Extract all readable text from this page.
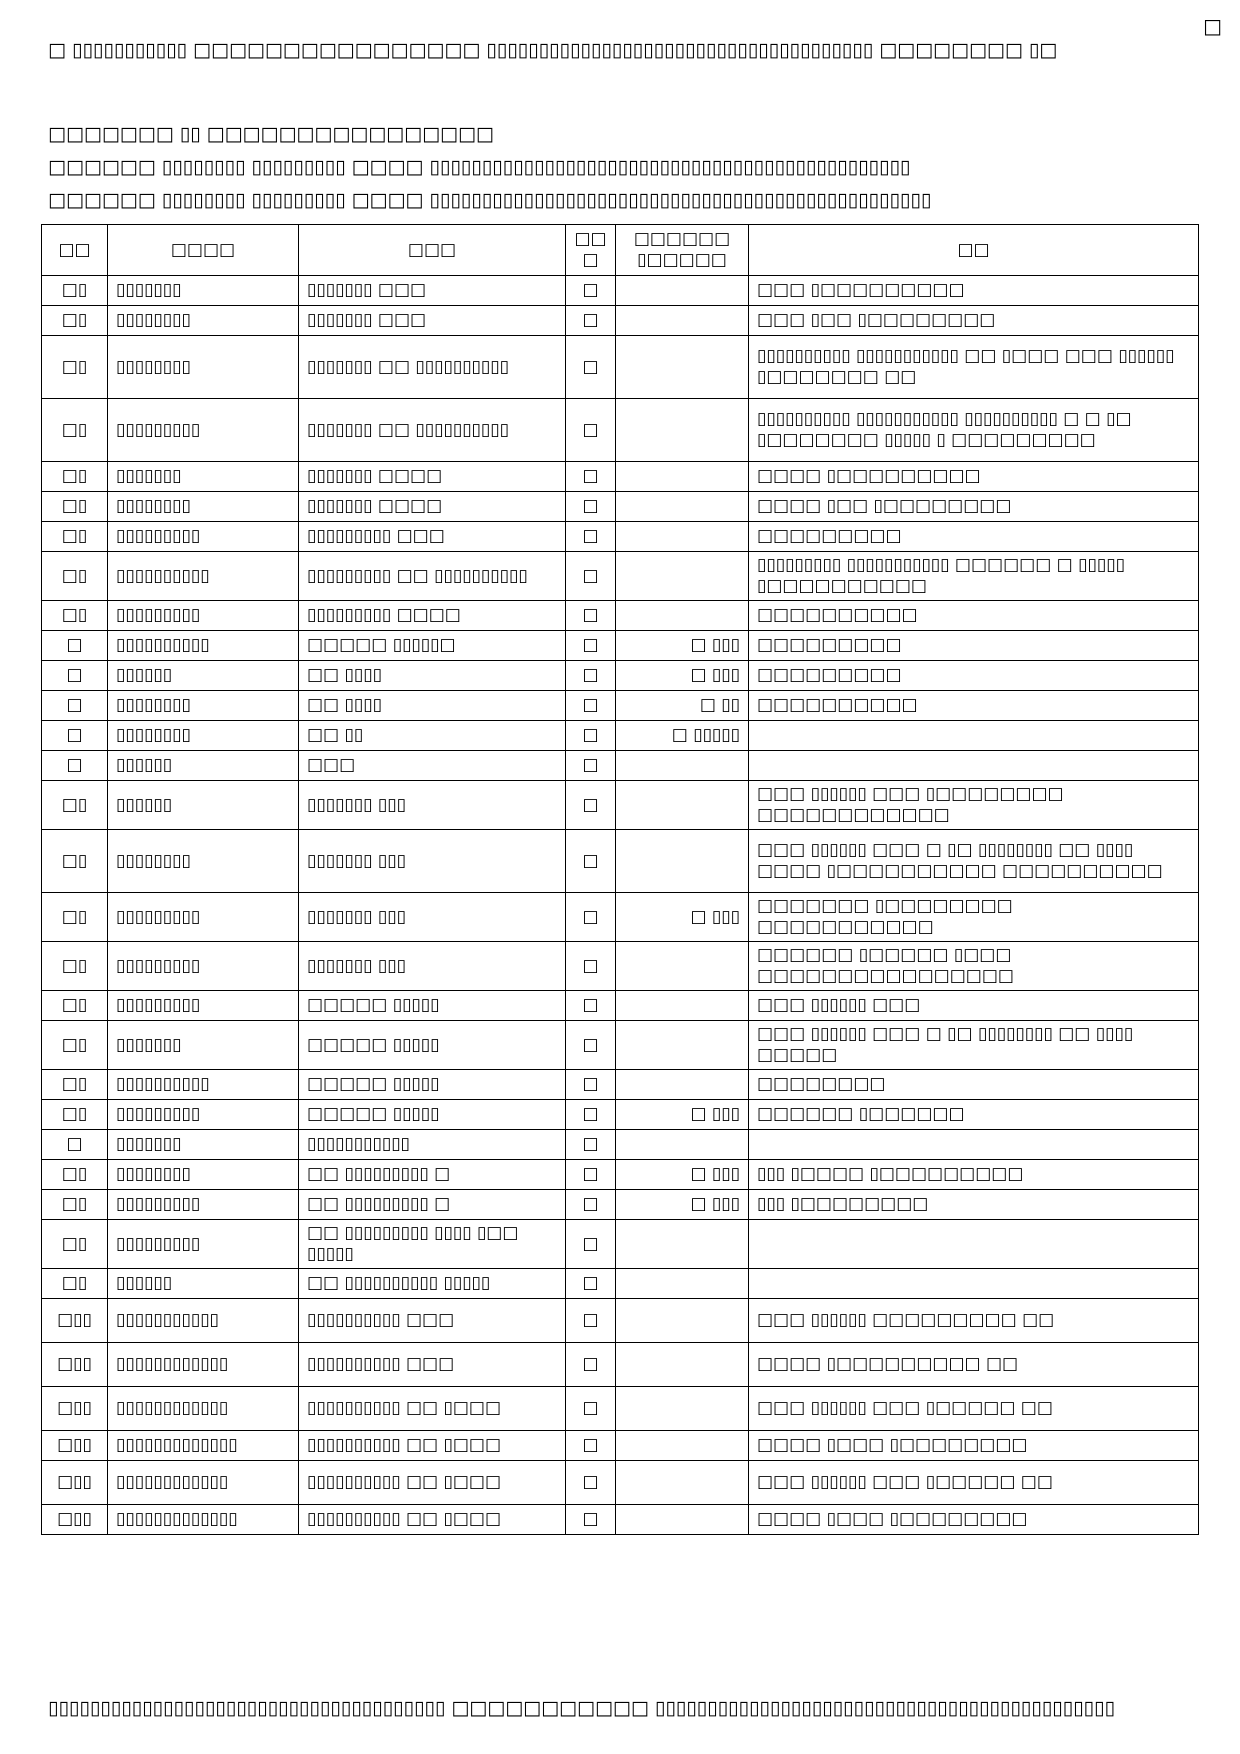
□
□ ▯▯▯▯▯▯▯▯▯▯▯ □□□□□□□□□□□□□□□□ ▯▯▯▯▯▯▯▯▯▯▯▯▯▯▯▯▯▯▯▯▯▯▯▯▯▯▯▯▯▯▯▯▯▯▯▯▯ □□□□□□□□ ▯□
□□□□□□□ ▯▯ □□□□□□□□□□□□□□□□
□□□□□□ ▯▯▯▯▯▯▯▯ ▯▯▯▯▯▯▯▯▯ □□□□ ▯▯▯▯▯▯▯▯▯▯▯▯▯▯▯▯▯▯▯▯▯▯▯▯▯▯▯▯▯▯▯▯▯▯▯▯▯▯▯▯▯▯▯▯▯▯
□□□□□□ ▯▯▯▯▯▯▯▯ ▯▯▯▯▯▯▯▯▯ □□□□ ▯▯▯▯▯▯▯▯▯▯▯▯▯▯▯▯▯▯▯▯▯▯▯▯▯▯▯▯▯▯▯▯▯▯▯▯▯▯▯▯▯▯▯▯▯▯▯▯
□□	□□□□	□□□	□□ □	□□□□□□ ▯□□□□□	□□
□▯	▯▯▯▯▯▯▯	▯▯▯▯▯▯▯ □□□	□		□□□ ▯□□□□□□□□□
□▯	▯▯▯▯▯▯▯▯	▯▯▯▯▯▯▯ □□□	□		□□□ ▯□□ ▯□□□□□□□□
□▯	▯▯▯▯▯▯▯▯	▯▯▯▯▯▯▯ □□ ▯▯▯▯▯▯▯▯▯▯	□		▯▯▯▯▯▯▯▯▯▯ ▯▯▯▯▯▯▯▯▯▯▯ □□ ▯□□□ □□□ ▯▯▯▯▯▯ ▯□□□□□□□ □□
□▯	▯▯▯▯▯▯▯▯▯	▯▯▯▯▯▯▯ □□ ▯▯▯▯▯▯▯▯▯▯	□		▯▯▯▯▯▯▯▯▯▯ ▯▯▯▯▯▯▯▯▯▯▯ ▯▯▯▯▯▯▯▯▯▯ □ □ ▯□ ▯□□□□□□□ ▯▯▯▯▯ ▯ □□□□□□□□□
□▯	▯▯▯▯▯▯▯	▯▯▯▯▯▯▯ □□□□	□		□□□□ ▯□□□□□□□□□
□▯	▯▯▯▯▯▯▯▯	▯▯▯▯▯▯▯ □□□□	□		□□□□ ▯□□ ▯□□□□□□□□
□▯	▯▯▯▯▯▯▯▯▯	▯▯▯▯▯▯▯▯▯ □□□	□		□□□□□□□□□
□▯	▯▯▯▯▯▯▯▯▯▯	▯▯▯▯▯▯▯▯▯ □□ ▯▯▯▯▯▯▯▯▯▯	□		▯▯▯▯▯▯▯▯▯ ▯▯▯▯▯▯▯▯▯▯▯ □□□□□□ □ ▯▯▯▯▯ ▯□□□□□□□□□□
□▯	▯▯▯▯▯▯▯▯▯	▯▯▯▯▯▯▯▯▯ □□□□	□		□□□□□□□□□□
□	▯▯▯▯▯▯▯▯▯▯	□□□□□ ▯▯▯▯▯□	□	□ ▯▯▯	□□□□□□□□□
□	▯▯▯▯▯▯	□□ ▯▯▯▯	□	□ ▯▯▯	□□□□□□□□□
□	▯▯▯▯▯▯▯▯	□□ ▯▯▯▯	□	□ ▯▯	□□□□□□□□□□
□	▯▯▯▯▯▯▯▯	□□ ▯▯	□	□ ▯▯▯▯▯	
□	▯▯▯▯▯▯	□□□	□		
□▯	▯▯▯▯▯▯	▯▯▯▯▯▯▯ ▯▯▯	□		□□□ ▯▯▯▯▯▯ □□□ ▯□□□□□□□□ □□□□□□□□□□□□
□▯	▯▯▯▯▯▯▯▯	▯▯▯▯▯▯▯ ▯▯▯	□		□□□ ▯▯▯▯▯▯ □□□ □ ▯□ ▯▯▯▯▯▯▯▯ □□ ▯▯▯▯ □□□□ ▯□□□□□□□□□□ □□□□□□□□□□
□▯	▯▯▯▯▯▯▯▯▯	▯▯▯▯▯▯▯ ▯▯▯	□	□ ▯▯▯	□□□□□□□ ▯□□□□□□□□ □□□□□□□□□□□
□▯	▯▯▯▯▯▯▯▯▯	▯▯▯▯▯▯▯ ▯▯▯	□		□□□□□□ ▯□□□□□ ▯□□□ □□□□□□□□□□□□□□□□
□▯	▯▯▯▯▯▯▯▯▯	□□□□□ ▯▯▯▯▯	□		□□□ ▯▯▯▯▯▯ □□□
□▯	▯▯▯▯▯▯▯	□□□□□ ▯▯▯▯▯	□		□□□ ▯▯▯▯▯▯ □□□ □ ▯□ ▯▯▯▯▯▯▯▯ □□ ▯▯▯▯ □□□□□
□▯	▯▯▯▯▯▯▯▯▯▯	□□□□□ ▯▯▯▯▯	□		□□□□□□□□
□▯	▯▯▯▯▯▯▯▯▯	□□□□□ ▯▯▯▯▯	□	□ ▯▯▯	□□□□□□ ▯□□□□□□
□	▯▯▯▯▯▯▯	▯▯▯▯▯▯▯▯▯▯▯	□		
□▯	▯▯▯▯▯▯▯▯	□□ ▯▯▯▯▯▯▯▯▯ □	□	□ ▯▯▯	▯▯▯ ▯□□□□ ▯□□□□□□□□□
□▯	▯▯▯▯▯▯▯▯▯	□□ ▯▯▯▯▯▯▯▯▯ □	□	□ ▯▯▯	▯▯▯ ▯□□□□□□□□
□▯	▯▯▯▯▯▯▯▯▯	□□ ▯▯▯▯▯▯▯▯▯ ▯▯▯▯ ▯□□ ▯▯▯▯▯	□		
□▯	▯▯▯▯▯▯	□□ ▯▯▯▯▯▯▯▯▯▯ ▯▯▯▯▯	□		
□▯▯	▯▯▯▯▯▯▯▯▯▯▯	▯▯▯▯▯▯▯▯▯▯ □□□	□		□□□ ▯▯▯▯▯▯ □□□□□□□□□ □□
□▯▯	▯▯▯▯▯▯▯▯▯▯▯▯	▯▯▯▯▯▯▯▯▯▯ □□□	□		□□□□ ▯□□□□□□□□□ □□
□▯▯	▯▯▯▯▯▯▯▯▯▯▯▯	▯▯▯▯▯▯▯▯▯▯ □□ ▯□□□	□		□□□ ▯▯▯▯▯▯ □□□ ▯□□□□□ □□
□▯▯	▯▯▯▯▯▯▯▯▯▯▯▯▯	▯▯▯▯▯▯▯▯▯▯ □□ ▯□□□	□		□□□□ ▯□□□ ▯□□□□□□□□
□▯▯	▯▯▯▯▯▯▯▯▯▯▯▯	▯▯▯▯▯▯▯▯▯▯ □□ ▯□□□	□		□□□ ▯▯▯▯▯▯ □□□ ▯□□□□□ □□
□▯▯	▯▯▯▯▯▯▯▯▯▯▯▯▯	▯▯▯▯▯▯▯▯▯▯ □□ ▯□□□	□		□□□□ ▯□□□ ▯□□□□□□□□
▯▯▯▯▯▯▯▯▯▯▯▯▯▯▯▯▯▯▯▯▯▯▯▯▯▯▯▯▯▯▯▯▯▯▯▯▯▯ □□□□□□□□□□□ ▯▯▯▯▯▯▯▯▯▯▯▯▯▯▯▯▯▯▯▯▯▯▯▯▯▯▯▯▯▯▯▯▯▯▯▯▯▯▯▯▯▯▯▯
